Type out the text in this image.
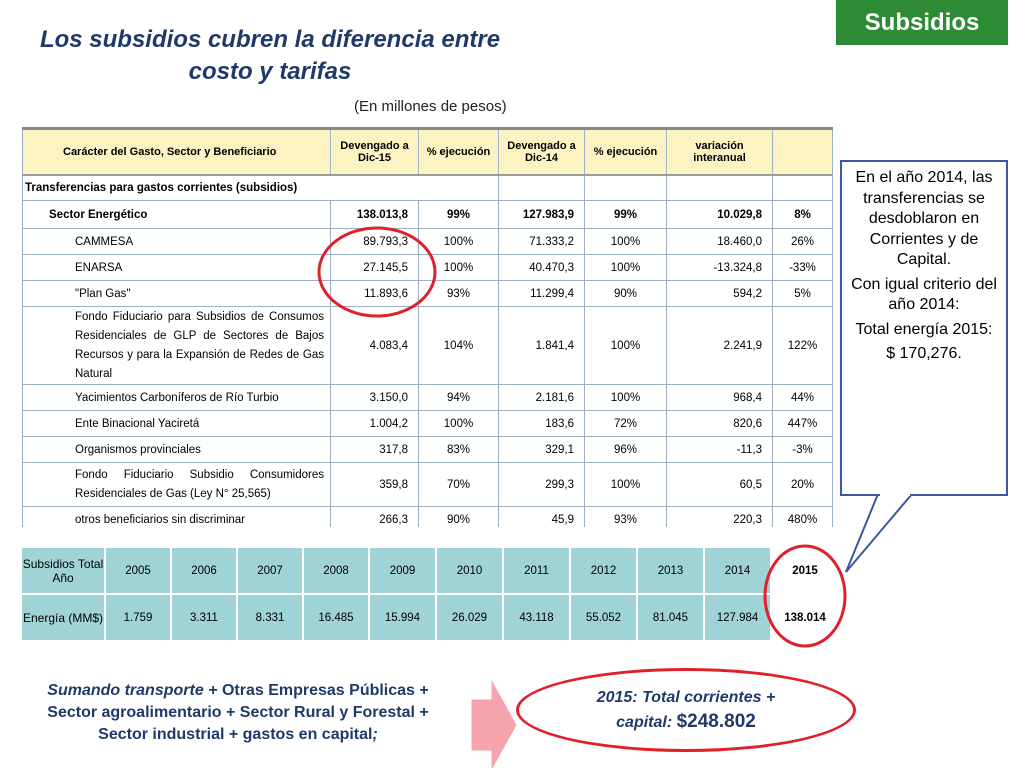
Subsidios
Los subsidios cubren la diferencia entre costo y tarifas
(En millones de pesos)
Carácter del Gasto, Sector y Beneficiario	Devengado a Dic-15	% ejecución	Devengado a Dic-14	% ejecución	variación interanual	
Transferencias para gastos corrientes (subsidios)						
Sector Energético	138.013,8	99%	127.983,9	99%	10.029,8	8%
CAMMESA	89.793,3	100%	71.333,2	100%	18.460,0	26%
ENARSA	27.145,5	100%	40.470,3	100%	-13.324,8	-33%
"Plan Gas"	11.893,6	93%	11.299,4	90%	594,2	5%
Fondo Fiduciario para Subsidios de Consumos Residenciales de GLP de Sectores de Bajos Recursos y para la Expansión de Redes de Gas Natural	4.083,4	104%	1.841,4	100%	2.241,9	122%
Yacimientos Carboníferos de Río Turbio	3.150,0	94%	2.181,6	100%	968,4	44%
Ente Binacional Yaciretá	1.004,2	100%	183,6	72%	820,6	447%
Organismos provinciales	317,8	83%	329,1	96%	-11,3	-3%
Fondo Fiduciario Subsidio Consumidores Residenciales de Gas (Ley N° 25,565)	359,8	70%	299,3	100%	60,5	20%
otros beneficiarios sin discriminar	266,3	90%	45,9	93%	220,3	480%

En el año 2014, las transferencias se desdoblaron en Corrientes y de Capital.

Con igual criterio del año 2014:

Total energía 2015:

$ 170,276.

Subsidios Total Año	2005	2006	2007	2008	2009	2010	2011	2012	2013	2014	2015
Energía (MM$)	1.759	3.311	8.331	16.485	15.994	26.029	43.118	55.052	81.045	127.984	138.014
Sumando transporte + Otras Empresas Públicas +
Sector agroalimentario + Sector Rural y Forestal +
Sector industrial + gastos en capital;
2015: Total corrientes +
capital: $248.802
